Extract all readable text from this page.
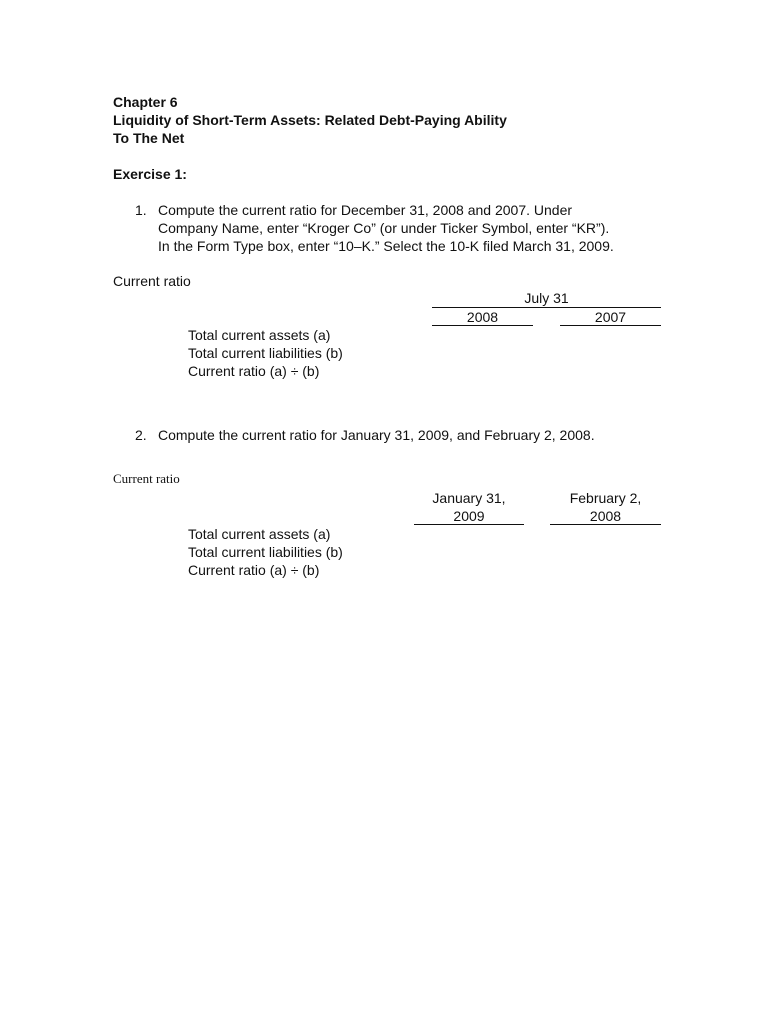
Chapter 6
Liquidity of Short-Term Assets: Related Debt-Paying Ability
To The Net
Exercise 1:
1. Compute the current ratio for December 31, 2008 and 2007. Under
Company Name, enter “Kroger Co” (or under Ticker Symbol, enter “KR”).
In the Form Type box, enter “10–K.” Select the 10-K filed March 31, 2009.
Current ratio
July 31
2008	2007
Total current assets (a)
Total current liabilities (b)
Current ratio (a) ÷ (b)
2. Compute the current ratio for January 31, 2009, and February 2, 2008.
Current ratio
January 31,
2009
February 2,
2008
Total current assets (a)
Total current liabilities (b)
Current ratio (a) ÷ (b)
